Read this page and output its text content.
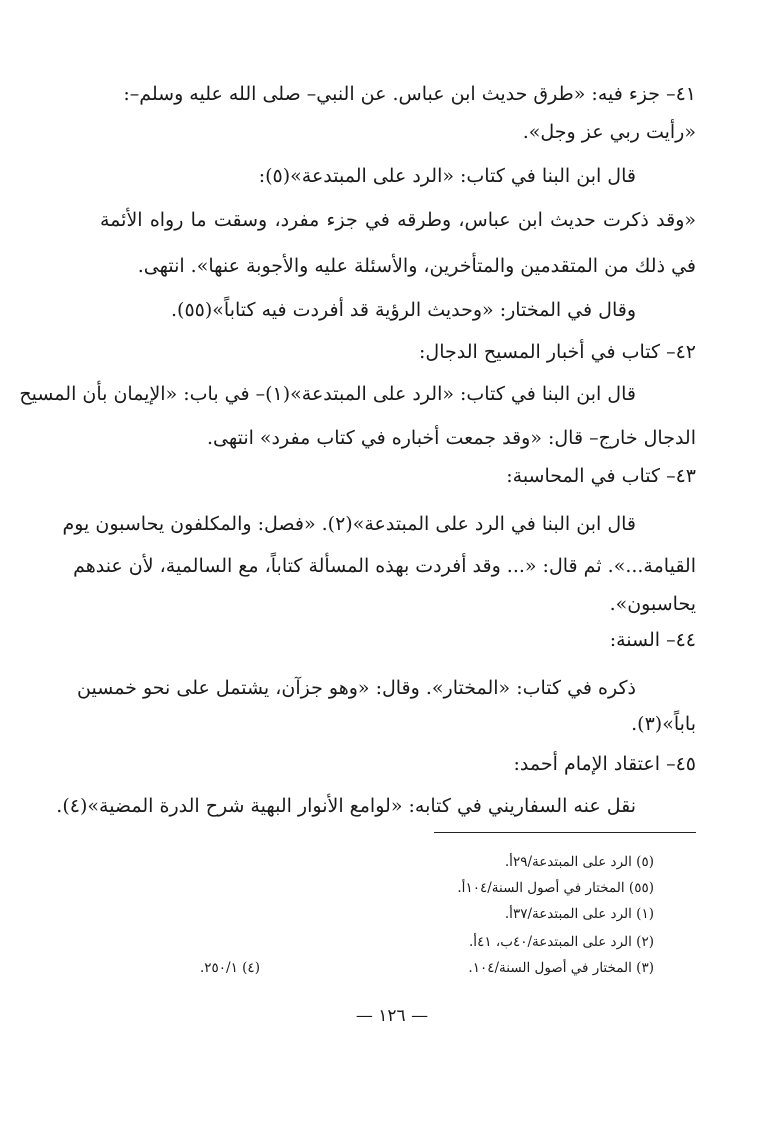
٤١– جزء فيه: «طرق حديث ابن عباس. عن النبي– صلى الله عليه وسلم–:
«رأيت ربي عز وجل».
قال ابن البنا في كتاب: «الرد على المبتدعة»(٥):
«وقد ذكرت حديث ابن عباس، وطرقه في جزء مفرد، وسقت ما رواه الأئمة
في ذلك من المتقدمين والمتأخرين، والأسئلة عليه والأجوبة عنها». انتهى.
وقال في المختار: «وحديث الرؤية قد أفردت فيه كتاباً»(٥٥).
٤٢– كتاب في أخبار المسيح الدجال:
قال ابن البنا في كتاب: «الرد على المبتدعة»(١)– في باب: «الإيمان بأن المسيح
الدجال خارج– قال: «وقد جمعت أخباره في كتاب مفرد» انتهى.
٤٣– كتاب في المحاسبة:
قال ابن البنا في الرد على المبتدعة»(٢). «فصل: والمكلفون يحاسبون يوم
القيامة...». ثم قال: «... وقد أفردت بهذه المسألة كتاباً، مع السالمية، لأن عندهم
يحاسبون».
٤٤– السنة:
ذكره في كتاب: «المختار». وقال: «وهو جزآن، يشتمل على نحو خمسين
باباً»(٣).
٤٥– اعتقاد الإمام أحمد:
نقل عنه السفاريني في كتابه: «لوامع الأنوار البهية شرح الدرة المضية»(٤).
(٥) الرد على المبتدعة/٢٩أ.
(٥٥) المختار في أصول السنة/١٠٤أ.
(١) الرد على المبتدعة/٣٧أ.
(٢) الرد على المبتدعة/٤٠ب، ٤١أ.
(٣) المختار في أصول السنة/١٠٤.
(٤) ٢٥٠/١.
— ١٢٦ —
